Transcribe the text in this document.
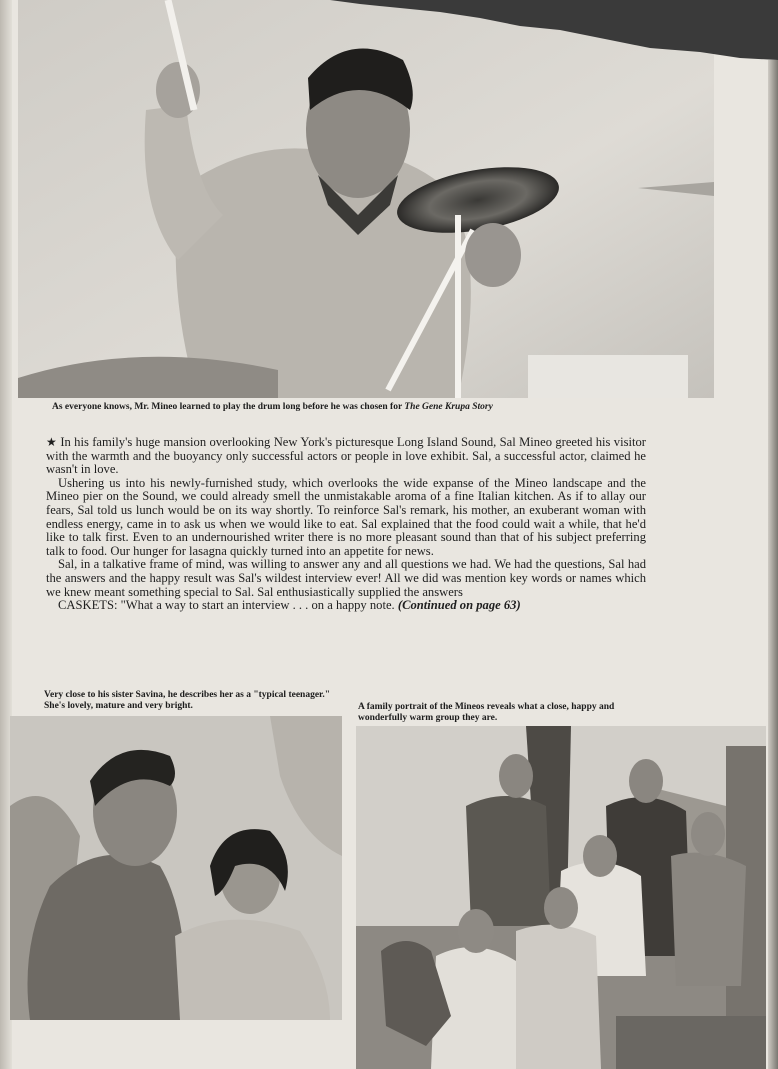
As everyone knows, Mr. Mineo learned to play the drum long before he was chosen for The Gene Krupa Story

★ In his family's huge mansion overlooking New York's picturesque Long Island Sound, Sal Mineo greeted his visitor with the warmth and the buoyancy only successful actors or people in love exhibit. Sal, a successful actor, claimed he wasn't in love.

Ushering us into his newly-furnished study, which overlooks the wide expanse of the Mineo landscape and the Mineo pier on the Sound, we could already smell the unmistakable aroma of a fine Italian kitchen. As if to allay our fears, Sal told us lunch would be on its way shortly. To reinforce Sal's remark, his mother, an exuberant woman with endless energy, came in to ask us when we would like to eat. Sal explained that the food could wait a while, that he'd like to talk first. Even to an undernourished writer there is no more pleasant sound than that of his subject preferring talk to food. Our hunger for lasagna quickly turned into an appetite for news.

Sal, in a talkative frame of mind, was willing to answer any and all questions we had. We had the questions, Sal had the answers and the happy result was Sal's wildest interview ever! All we did was mention key words or names which we knew meant something special to Sal. Sal enthusiastically supplied the answers

CASKETS: "What a way to start an interview . . . on a happy note. (Continued on page 63)

Very close to his sister Savina, he describes her as a "typical teenager." She's lovely, mature and very bright.	A family portrait of the Mineos reveals what a close, happy and wonderfully warm group they are.
